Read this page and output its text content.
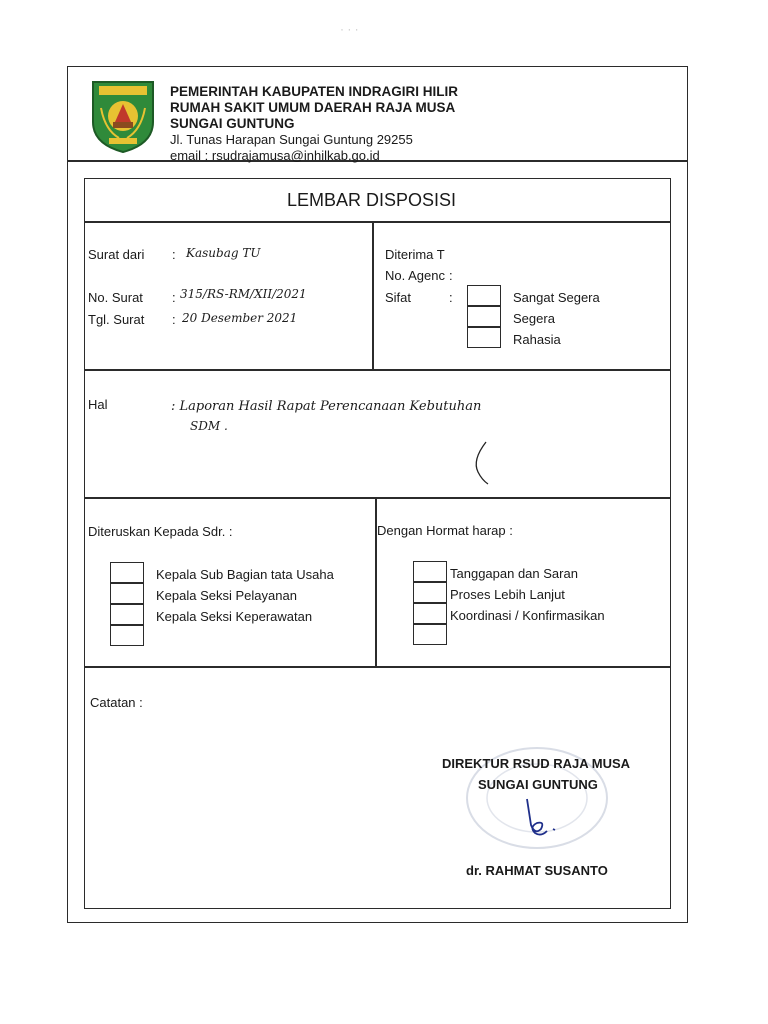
· · ·
PEMERINTAH KABUPATEN INDRAGIRI HILIR
RUMAH SAKIT UMUM DAERAH RAJA MUSA
SUNGAI GUNTUNG
Jl. Tunas Harapan Sungai Guntung 29255
email : rsudrajamusa@inhilkab.go.id
LEMBAR DISPOSISI
Surat dari : Kasubag TU
No. Surat : 315/RS-RM/XII/2021
Tgl. Surat : 20 Desember 2021
Diterima T
No. Agenc :
Sifat	:	Sangat Segera
Segera
Rahasia
Hal	: Laporan Hasil Rapat Perencanaan Kebutuhan
SDM .
Diteruskan Kepada Sdr. :	Dengan Hormat harap :
Kepala Sub Bagian tata Usaha
Kepala Seksi Pelayanan
Kepala Seksi Keperawatan
Tanggapan dan Saran
Proses Lebih Lanjut
Koordinasi / Konfirmasikan
Catatan :
DIREKTUR RSUD RAJA MUSA
SUNGAI GUNTUNG
dr. RAHMAT SUSANTO
